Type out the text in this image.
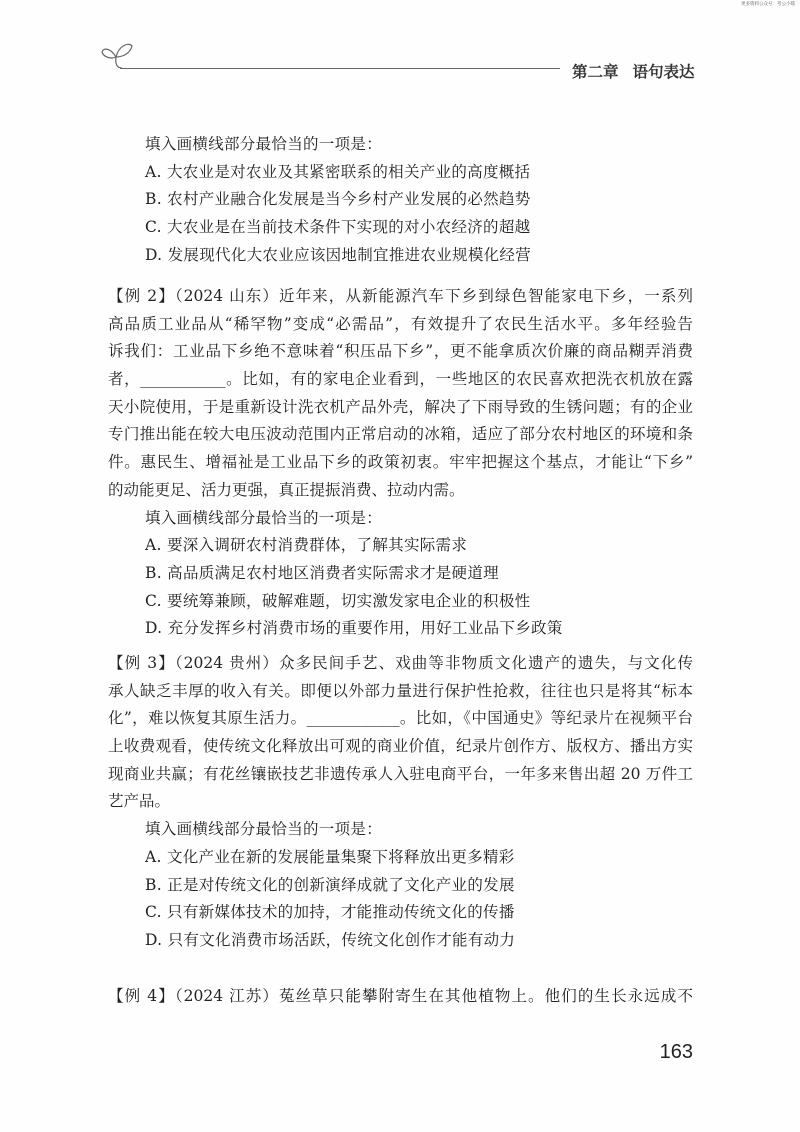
更多资料公众号：考公小喵
第二章 语句表达
填入画横线部分最恰当的一项是：
A. 大农业是对农业及其紧密联系的相关产业的高度概括
B. 农村产业融合化发展是当今乡村产业发展的必然趋势
C. 大农业是在当前技术条件下实现的对小农经济的超越
D. 发展现代化大农业应该因地制宜推进农业规模化经营
【例 2】（2024 山东）近年来，从新能源汽车下乡到绿色智能家电下乡，一系列
高品质工业品从“稀罕物”变成“必需品”，有效提升了农民生活水平。多年经验告
诉我们：工业品下乡绝不意味着“积压品下乡”，更不能拿质次价廉的商品糊弄消费
者，___________。比如，有的家电企业看到，一些地区的农民喜欢把洗衣机放在露
天小院使用，于是重新设计洗衣机产品外壳，解决了下雨导致的生锈问题；有的企业
专门推出能在较大电压波动范围内正常启动的冰箱，适应了部分农村地区的环境和条
件。惠民生、增福祉是工业品下乡的政策初衷。牢牢把握这个基点，才能让“下乡”
的动能更足、活力更强，真正提振消费、拉动内需。
填入画横线部分最恰当的一项是：
A. 要深入调研农村消费群体，了解其实际需求
B. 高品质满足农村地区消费者实际需求才是硬道理
C. 要统筹兼顾，破解难题，切实激发家电企业的积极性
D. 充分发挥乡村消费市场的重要作用，用好工业品下乡政策
【例 3】（2024 贵州）众多民间手艺、戏曲等非物质文化遗产的遗失，与文化传
承人缺乏丰厚的收入有关。即便以外部力量进行保护性抢救，往往也只是将其“标本
化”，难以恢复其原生活力。____________。比如，《中国通史》等纪录片在视频平台
上收费观看，使传统文化释放出可观的商业价值，纪录片创作方、版权方、播出方实
现商业共赢；有花丝镶嵌技艺非遗传承人入驻电商平台，一年多来售出超 20 万件工
艺产品。
填入画横线部分最恰当的一项是：
A. 文化产业在新的发展能量集聚下将释放出更多精彩
B. 正是对传统文化的创新演绎成就了文化产业的发展
C. 只有新媒体技术的加持，才能推动传统文化的传播
D. 只有文化消费市场活跃，传统文化创作才能有动力
【例 4】（2024 江苏）菟丝草只能攀附寄生在其他植物上。他们的生长永远成不
163
